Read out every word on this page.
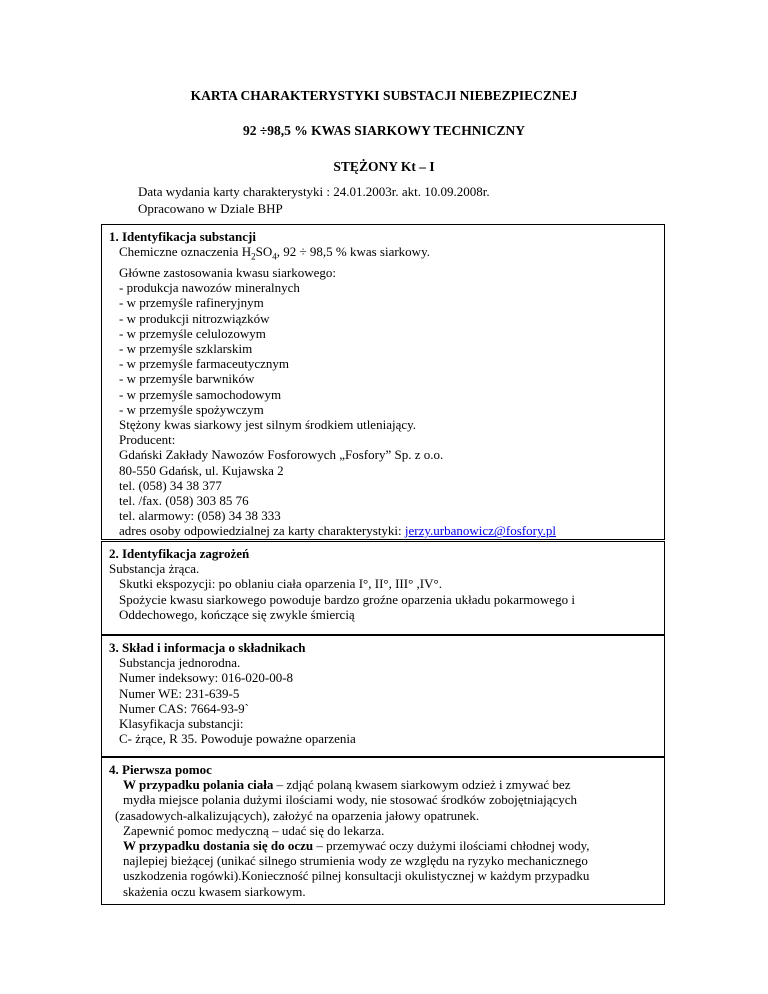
KARTA CHARAKTERYSTYKI SUBSTACJI NIEBEZPIECZNEJ
92 ÷98,5 % KWAS SIARKOWY TECHNICZNY
STĘŻONY Kt – I
Data wydania karty charakterystyki : 24.01.2003r. akt. 10.09.2008r.
Opracowano w Dziale BHP
1. Identyfikacja substancji
Chemiczne oznaczenia $H_2SO_4$, 92 ÷ 98,5 % kwas siarkowy.
Główne zastosowania kwasu siarkowego:
- produkcja nawozów mineralnych
- w przemyśle rafineryjnym
- w produkcji nitrozwiązków
- w przemyśle celulozowym
- w przemyśle szklarskim
- w przemyśle farmaceutycznym
- w przemyśle barwników
- w przemyśle samochodowym
- w przemyśle spożywczym
Stężony kwas siarkowy jest silnym środkiem utleniający.
Producent:
Gdański Zakłady Nawozów Fosforowych „Fosfory” Sp. z o.o.
80-550 Gdańsk, ul. Kujawska 2
tel. (058) 34 38 377
tel. /fax. (058) 303 85 76
tel. alarmowy: (058) 34 38 333
adres osoby odpowiedzialnej za karty charakterystyki: jerzy.urbanowicz@fosfory.pl
2. Identyfikacja zagrożeń
Substancja żrąca.
Skutki ekspozycji: po oblaniu ciała oparzenia I°, II°, III° ,IV°.
Spożycie kwasu siarkowego powoduje bardzo groźne oparzenia układu pokarmowego i
Oddechowego, kończące się zwykle śmiercią
3. Skład i informacja o składnikach
Substancja jednorodna.
Numer indeksowy: 016-020-00-8
Numer WE: 231-639-5
Numer CAS: 7664-93-9`
Klasyfikacja substancji:
C- żrące, R 35. Powoduje poważne oparzenia
4. Pierwsza pomoc
W przypadku polania ciała – zdjąć polaną kwasem siarkowym odzież i zmywać bez
mydła miejsce polania dużymi ilościami wody, nie stosować środków zobojętniających
(zasadowych-alkalizujących), założyć na oparzenia jałowy opatrunek.
Zapewnić pomoc medyczną – udać się do lekarza.
W przypadku dostania się do oczu – przemywać oczy dużymi ilościami chłodnej wody,
najlepiej bieżącej (unikać silnego strumienia wody ze względu na ryzyko mechanicznego
uszkodzenia rogówki).Konieczność pilnej konsultacji okulistycznej w każdym przypadku
skażenia oczu kwasem siarkowym.
